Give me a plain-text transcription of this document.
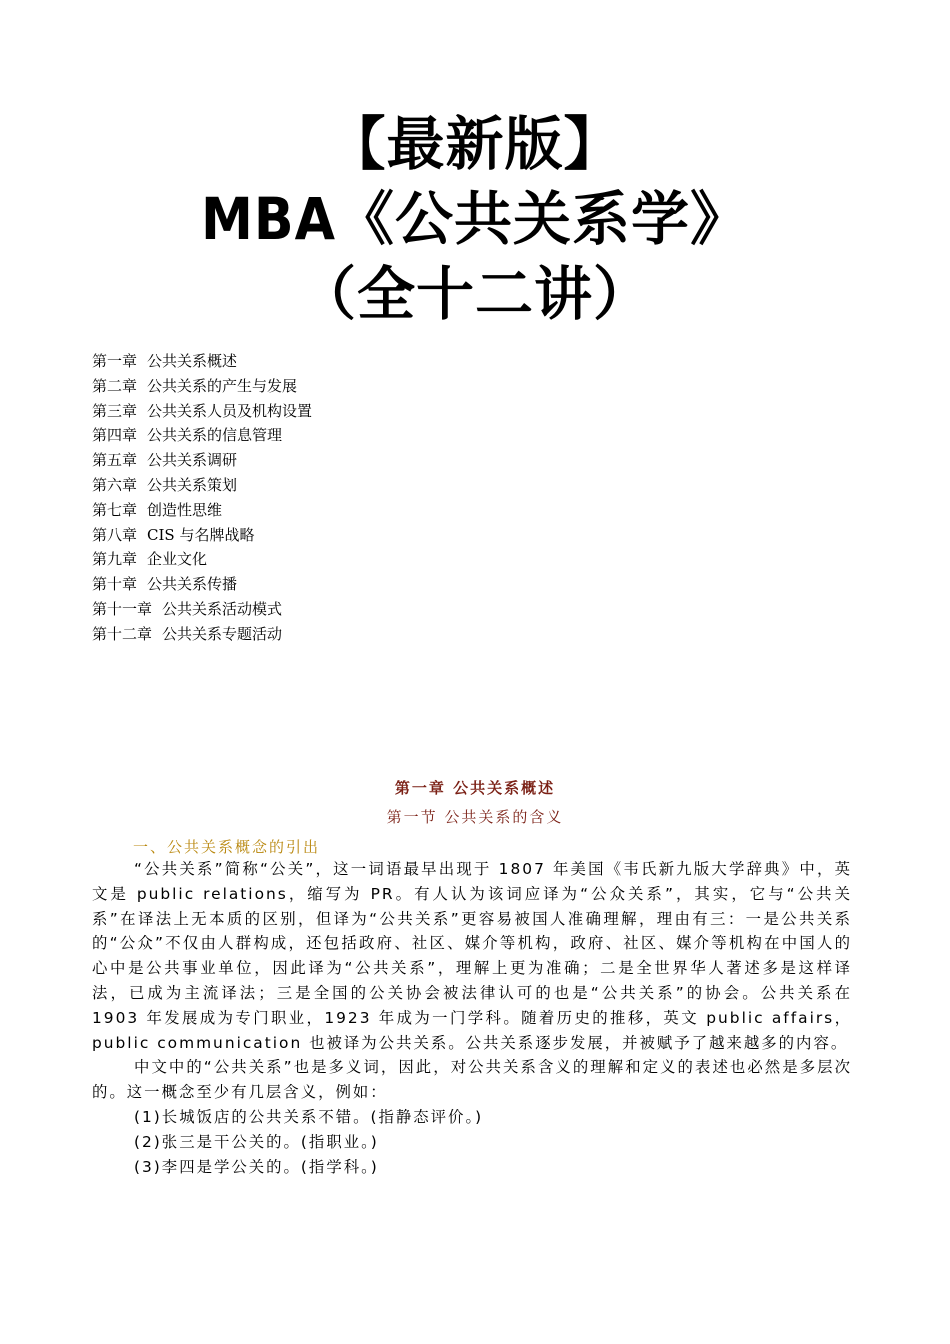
【最新版】
MBA《公共关系学》
（全十二讲）
第一章 公共关系概述
第二章 公共关系的产生与发展
第三章 公共关系人员及机构设置
第四章 公共关系的信息管理
第五章 公共关系调研
第六章 公共关系策划
第七章 创造性思维
第八章 CIS 与名牌战略
第九章 企业文化
第十章 公共关系传播
第十一章 公共关系活动模式
第十二章 公共关系专题活动
第一章 公共关系概述
第一节 公共关系的含义
一、公共关系概念的引出

“公共关系”简称“公关”，这一词语最早出现于 1807 年美国《韦氏新九版大学辞典》中，英文是 public relations，缩写为 PR。有人认为该词应译为“公众关系”，其实，它与“公共关系”在译法上无本质的区别，但译为“公共关系”更容易被国人准确理解，理由有三：一是公共关系的“公众”不仅由人群构成，还包括政府、社区、媒介等机构，政府、社区、媒介等机构在中国人的心中是公共事业单位，因此译为“公共关系”，理解上更为准确；二是全世界华人著述多是这样译法，已成为主流译法；三是全国的公关协会被法律认可的也是“公共关系”的协会。公共关系在 1903 年发展成为专门职业，1923 年成为一门学科。随着历史的推移，英文 public affairs，public communication 也被译为公共关系。公共关系逐步发展，并被赋予了越来越多的内容。

中文中的“公共关系”也是多义词，因此，对公共关系含义的理解和定义的表述也必然是多层次的。这一概念至少有几层含义，例如：

(1)长城饭店的公共关系不错。(指静态评价。)

(2)张三是干公关的。(指职业。)

(3)李四是学公关的。(指学科。)
